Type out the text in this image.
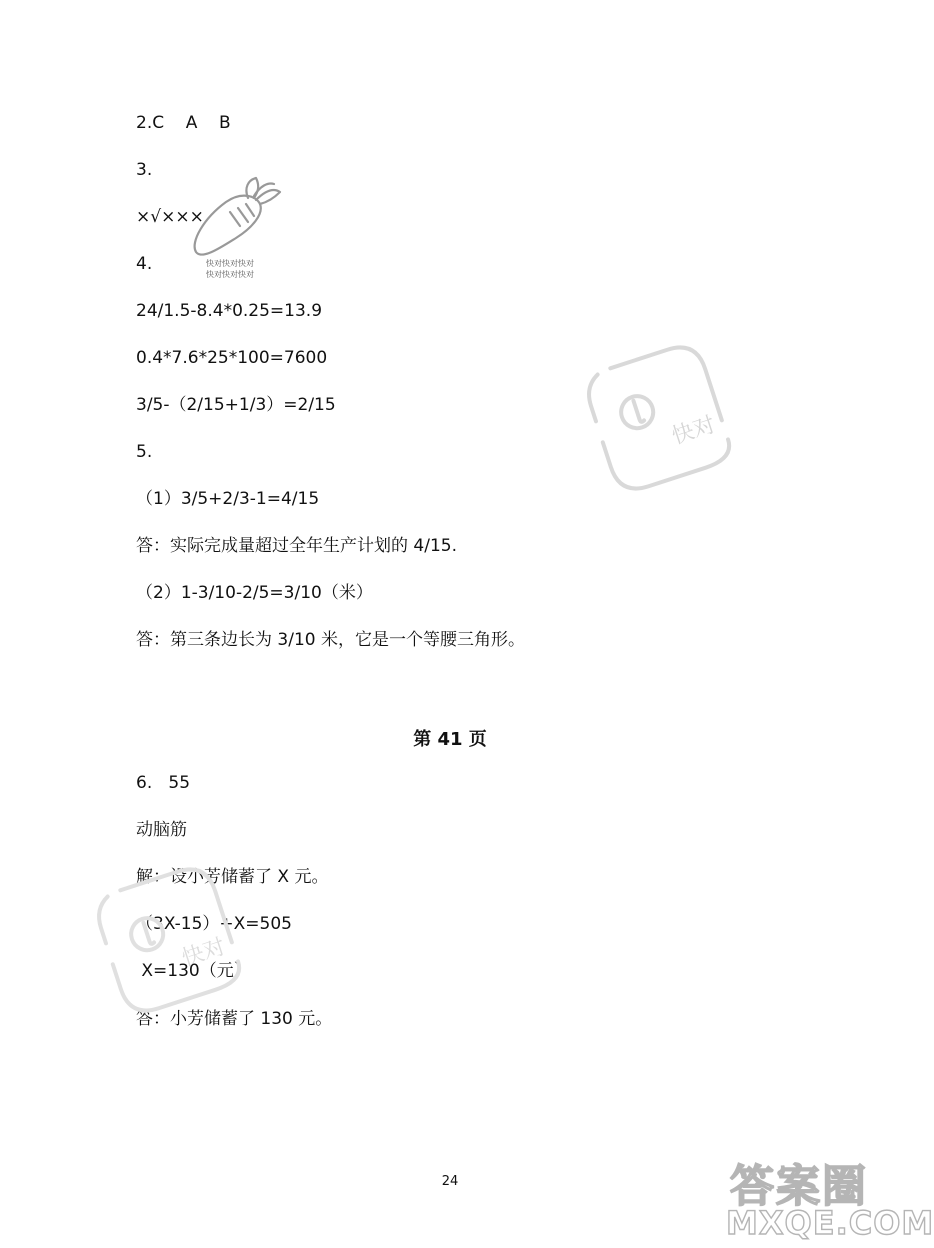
2.C    A    B
3.
×√×××
4.
24/1.5-8.4*0.25=13.9
0.4*7.6*25*100=7600
3/5-（2/15+1/3）=2/15
5.
（1）3/5+2/3-1=4/15
答：实际完成量超过全年生产计划的 4/15.
（2）1-3/10-2/5=3/10（米）
答：第三条边长为 3/10 米，它是一个等腰三角形。
第 41 页
6.   55
动脑筋
解：设小芳储蓄了 X 元。
（3X-15）+X=505
X=130（元）
答：小芳储蓄了 130 元。
24
快对快对快对
快对快对快对
快对
快对
答案圈
MXQE.COM
